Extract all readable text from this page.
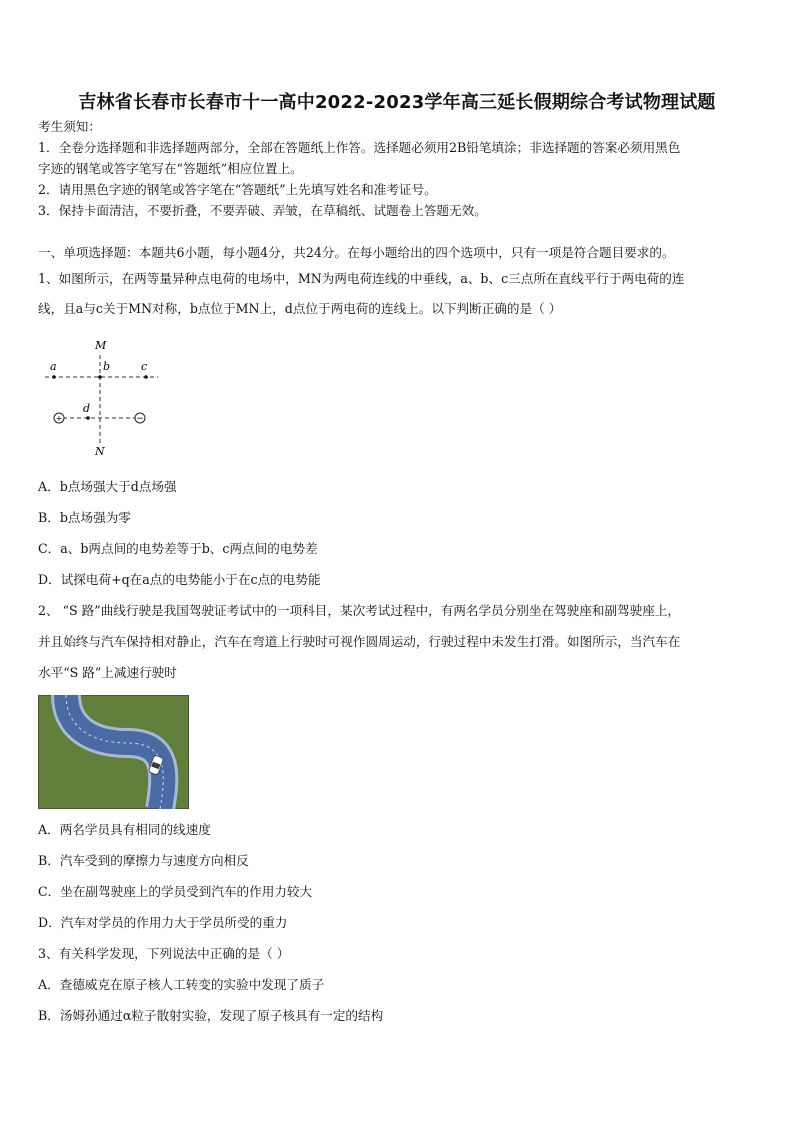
吉林省长春市长春市十一高中2022-2023学年高三延长假期综合考试物理试题
考生须知：
1．全卷分选择题和非选择题两部分，全部在答题纸上作答。选择题必须用2B铅笔填涂；非选择题的答案必须用黑色
字迹的钢笔或答字笔写在“答题纸”相应位置上。
2．请用黑色字迹的钢笔或答字笔在“答题纸”上先填写姓名和准考证号。
3．保持卡面清洁，不要折叠，不要弄破、弄皱，在草稿纸、试题卷上答题无效。
一、单项选择题：本题共6小题，每小题4分，共24分。在每小题给出的四个选项中，只有一项是符合题目要求的。
1、如图所示，在两等量异种点电荷的电场中，MN为两电荷连线的中垂线，a、b、c三点所在直线平行于两电荷的连
线，且a与c关于MN对称，b点位于MN上，d点位于两电荷的连线上。以下判断正确的是（ ）
+	−
M
N
a	b	c
d
A．b点场强大于d点场强
B．b点场强为零
C．a、b两点间的电势差等于b、c两点间的电势差
D．试探电荷+q在a点的电势能小于在c点的电势能
2、 “S 路”曲线行驶是我国驾驶证考试中的一项科目，某次考试过程中，有两名学员分别坐在驾驶座和副驾驶座上，
并且始终与汽车保持相对静止，汽车在弯道上行驶时可视作圆周运动，行驶过程中未发生打滑。如图所示，当汽车在
水平“S 路”上减速行驶时
A．两名学员具有相同的线速度
B．汽车受到的摩擦力与速度方向相反
C．坐在副驾驶座上的学员受到汽车的作用力较大
D．汽车对学员的作用力大于学员所受的重力
3、有关科学发现，下列说法中正确的是（ ）
A．查德威克在原子核人工转变的实验中发现了质子
B．汤姆孙通过α粒子散射实验，发现了原子核具有一定的结构
